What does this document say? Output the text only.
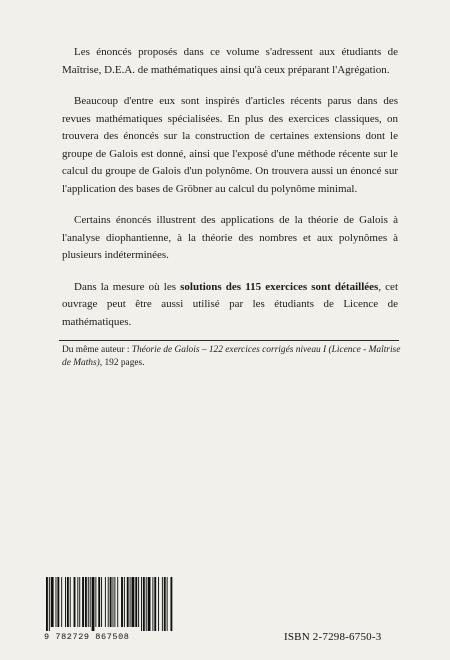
Les énoncés proposés dans ce volume s'adressent aux étudiants de Maîtrise, D.E.A. de mathématiques ainsi qu'à ceux préparant l'Agrégation.

Beaucoup d'entre eux sont inspirés d'articles récents parus dans des revues mathématiques spécialisées. En plus des exercices classiques, on trouvera des énoncés sur la construction de certaines extensions dont le groupe de Galois est donné, ainsi que l'exposé d'une méthode récente sur le calcul du groupe de Galois d'un polynôme. On trouvera aussi un énoncé sur l'application des bases de Gröbner au calcul du polynôme minimal.

Certains énoncés illustrent des applications de la théorie de Galois à l'analyse diophantienne, à la théorie des nombres et aux polynômes à plusieurs indéterminées.

Dans la mesure où les solutions des 115 exercices sont détaillées, cet ouvrage peut être aussi utilisé par les étudiants de Licence de mathématiques.

Du même auteur : Théorie de Galois – 122 exercices corrigés niveau I (Licence - Maîtrise de Maths), 192 pages.
9 782729 867508	ISBN 2-7298-6750-3
